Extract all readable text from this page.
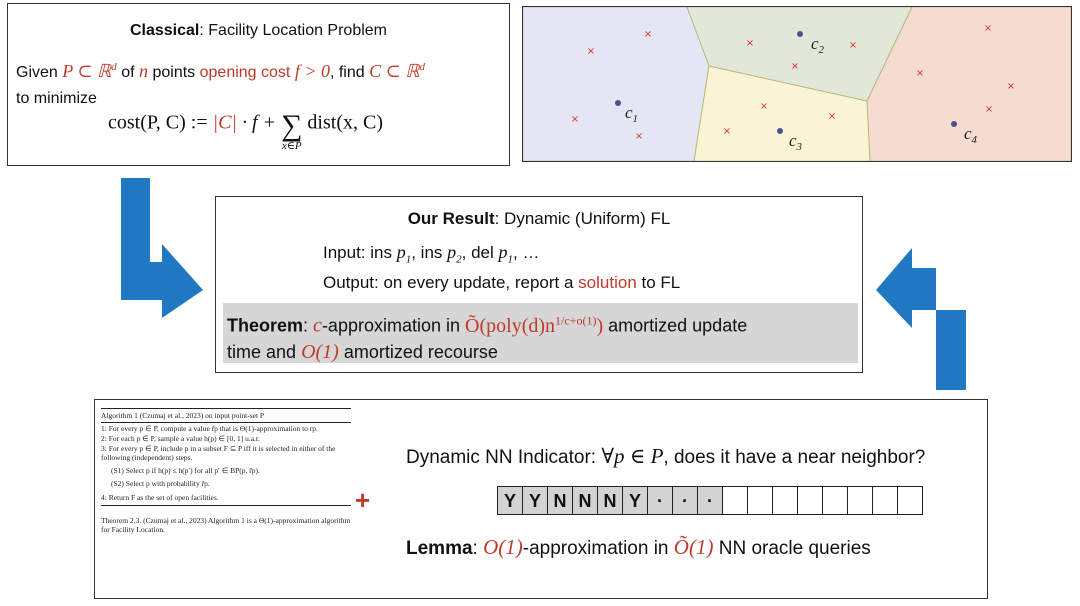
Classical: Facility Location Problem
Given P ⊂ ℝ$^d$ of n points opening cost f > 0, find C ⊂ ℝ$^d$
to minimize
cost(P, C) := |C| · f + ∑
x∈P
dist(x, C)
×
×
×
×
×
×
×
×
×
×
×
×
×
×
$c_1$
$c_2$
$c_3$
$c_4$
Our Result: Dynamic (Uniform) FL
Input: ins $p_1$, ins $p_2$, del $p_1$, …
Output: on every update, report a solution to FL
Theorem: c-approximation in $Õ(poly(d)n^{1/c+o(1)})$ amortized update
time and O(1) amortized recourse
Algorithm 1 (Czumaj et al., 2023) on input point-set P
1: For every p ∈ P, compute a value r̂p that is Θ(1)-approximation to rp.
2: For each p ∈ P, sample a value h(p) ∈ [0, 1] u.a.r.
3: For every p ∈ P, include p in a subset F ⊆ P iff it is selected in either of the following (independent) steps.
(S1) Select p if h(p) ≤ h(p′) for all p′ ∈ BP(p, r̂p).
(S2) Select p with probability r̂p.
4: Return F as the set of open facilities.
Theorem 2.3. (Czumaj et al., 2023) Algorithm 1 is a Θ(1)-approximation algorithm for Facility Location.
+
Dynamic NN Indicator: ∀p ∈ P, does it have a near neighbor?
Y Y N N N Y ·	·	·
Lemma: O(1)-approximation in Õ(1) NN oracle queries
